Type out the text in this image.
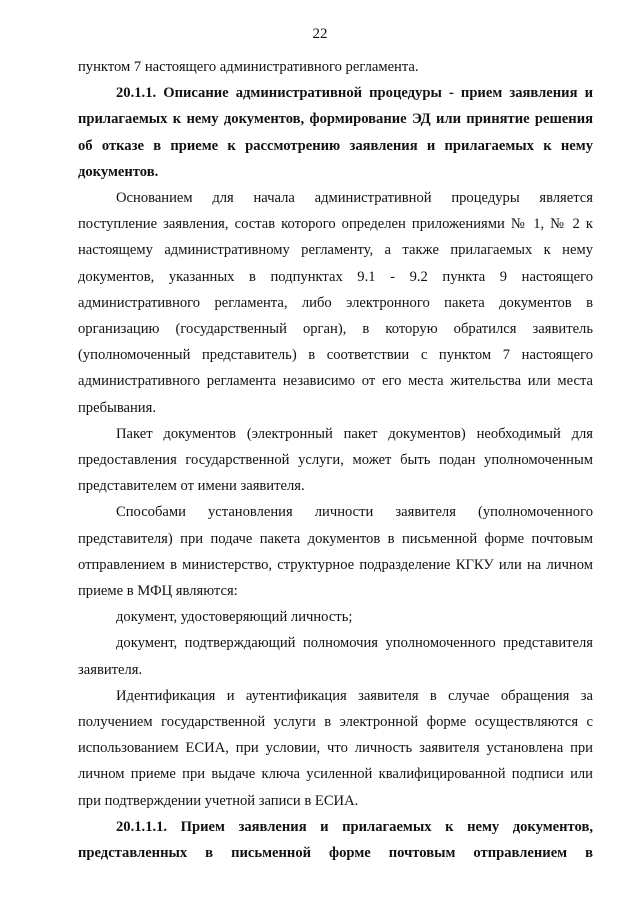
22

пунктом 7 настоящего административного регламента.

20.1.1. Описание административной процедуры - прием заявления и прилагаемых к нему документов, формирование ЭД или принятие решения об отказе в приеме к рассмотрению заявления и прилагаемых к нему документов.

Основанием для начала административной процедуры является поступление заявления, состав которого определен приложениями № 1, № 2 к настоящему административному регламенту, а также прилагаемых к нему документов, указанных в подпунктах 9.1 - 9.2 пункта 9 настоящего административного регламента, либо электронного пакета документов в организацию (государственный орган), в которую обратился заявитель (уполномоченный представитель) в соответствии с пунктом 7 настоящего административного регламента независимо от его места жительства или места пребывания.

Пакет документов (электронный пакет документов) необходимый для предоставления государственной услуги, может быть подан уполномоченным представителем от имени заявителя.

Способами установления личности заявителя (уполномоченного представителя) при подаче пакета документов в письменной форме почтовым отправлением в министерство, структурное подразделение КГКУ или на личном приеме в МФЦ являются:

документ, удостоверяющий личность;

документ, подтверждающий полномочия уполномоченного представителя заявителя.

Идентификация и аутентификация заявителя в случае обращения за получением государственной услуги в электронной форме осуществляются с использованием ЕСИА, при условии, что личность заявителя установлена при личном приеме при выдаче ключа усиленной квалифицированной подписи или при подтверждении учетной записи в ЕСИА.

20.1.1.1. Прием заявления и прилагаемых к нему документов, представленных в письменной форме почтовым отправлением в
